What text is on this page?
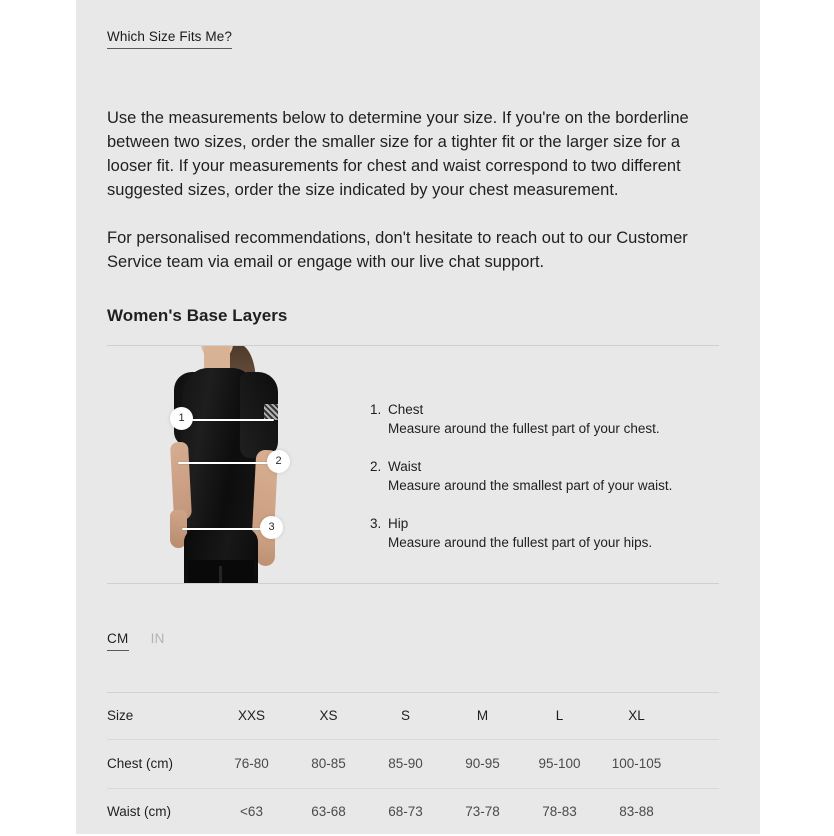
Which Size Fits Me?

Use the measurements below to determine your size. If you're on the borderline between two sizes, order the smaller size for a tighter fit or the larger size for a looser fit. If your measurements for chest and waist correspond to two different suggested sizes, order the size indicated by your chest measurement.

For personalised recommendations, don't hesitate to reach out to our Customer Service team via email or engage with our live chat support.

Women's Base Layers
1
2
3
1. Chest
Measure around the fullest part of your chest.
2. Waist
Measure around the smallest part of your waist.
3. Hip
Measure around the fullest part of your hips.
CM IN
Size	XXS	XS	S	M	L	XL	
Chest (cm)	76-80	80-85	85-90	90-95	95-100	100-105	
Waist (cm)	<63	63-68	68-73	73-78	78-83	83-88	
